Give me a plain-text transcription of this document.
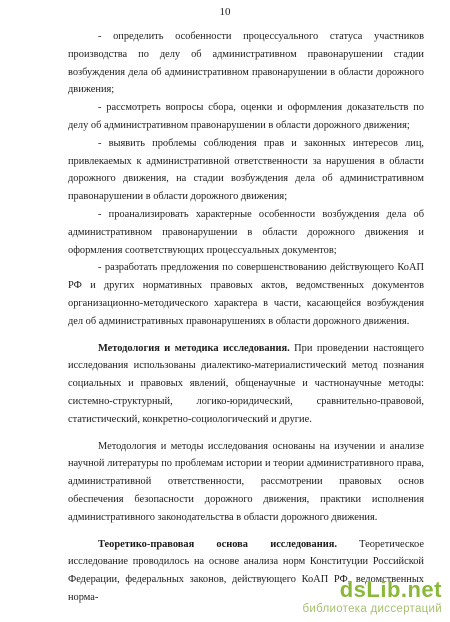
10

- определить особенности процессуального статуса участников производства по делу об административном правонарушении стадии возбуждения дела об административном правонарушении в области дорожного движения;

- рассмотреть вопросы сбора, оценки и оформления доказательств по делу об административном правонарушении в области дорожного движения;

- выявить проблемы соблюдения прав и законных интересов лиц, привлекаемых к административной ответственности за нарушения в области дорожного движения, на стадии возбуждения дела об административном правонарушении в области дорожного движения;

- проанализировать характерные особенности возбуждения дела об административном правонарушении в области дорожного движения и оформления соответствующих процессуальных документов;

- разработать предложения по совершенствованию действующего КоАП РФ и других нормативных правовых актов, ведомственных документов организационно-методического характера в части, касающейся возбуждения дел об административных правонарушениях в области дорожного движения.

Методология и методика исследования. При проведении настоящего исследования использованы диалектико-материалистический метод познания социальных и правовых явлений, общенаучные и частнонаучные методы: системно-структурный, логико-юридический, сравнительно-правовой, статистический, конкретно-социологический и другие.

Методология и методы исследования основаны на изучении и анализе научной литературы по проблемам истории и теории административного права, административной ответственности, рассмотрении правовых основ обеспечения безопасности дорожного движения, практики исполнения административного законодательства в области дорожного движения.

Теоретико-правовая основа исследования. Теоретическое исследование проводилось на основе анализа норм Конституции Российской Федерации, федеральных законов, действующего КоАП РФ, ведомственных норма-	dsLib.net
библиотека диссертаций
